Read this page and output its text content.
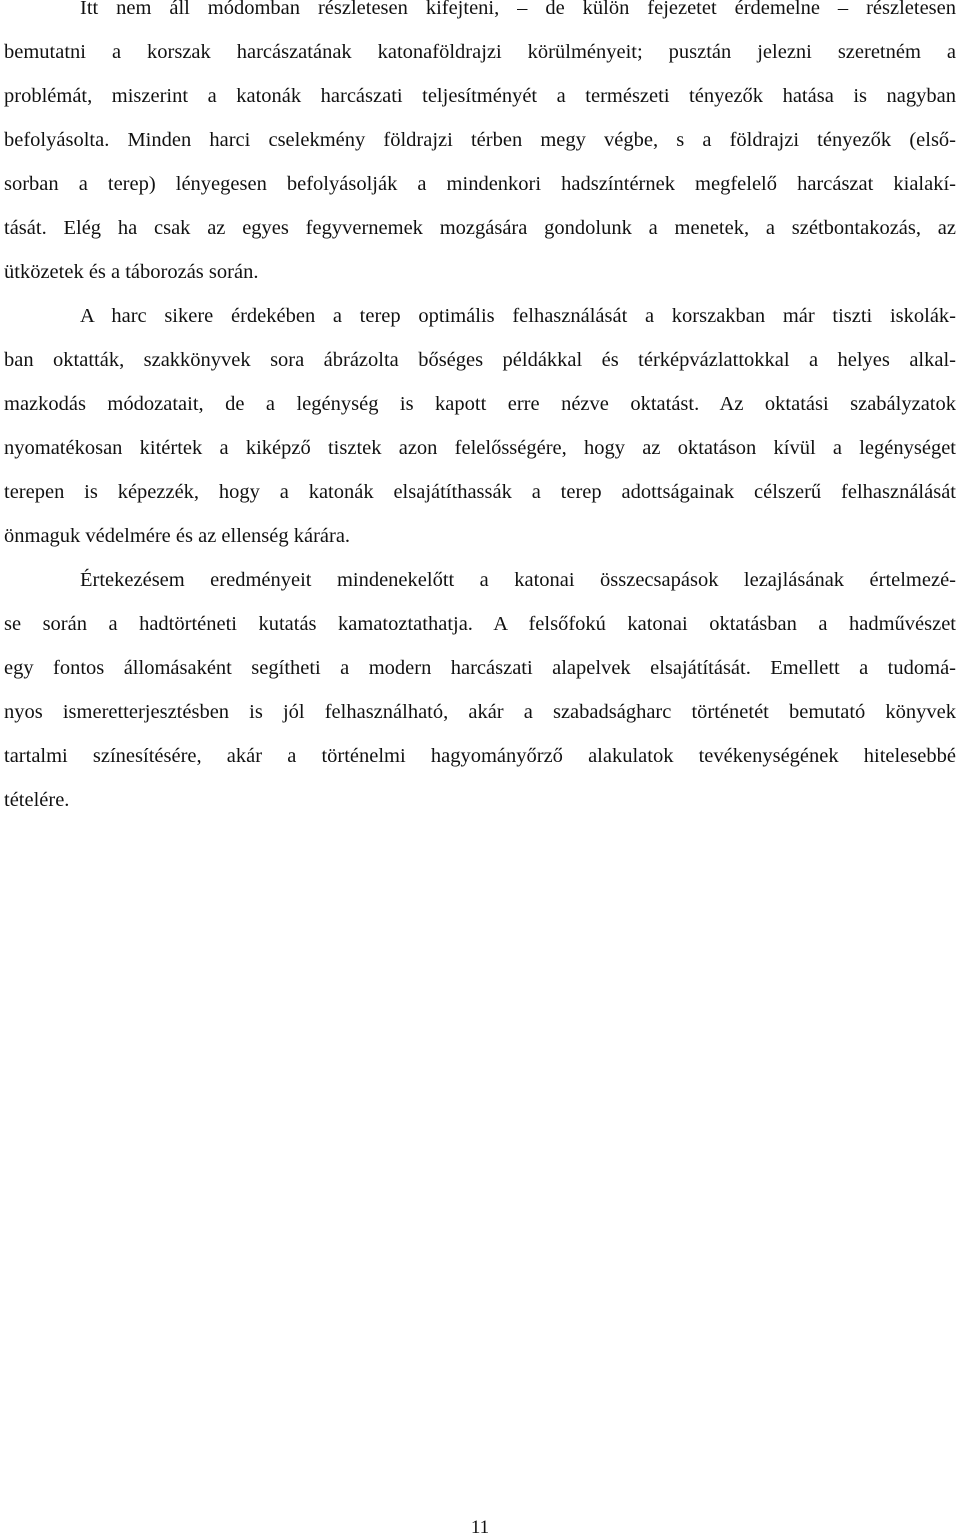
Itt nem áll módomban részletesen kifejteni, – de külön fejezetet érdemelne – részletesen
bemutatni a korszak harcászatának katonaföldrajzi körülményeit; pusztán jelezni szeretném a
problémát, miszerint a katonák harcászati teljesítményét a természeti tényezők hatása is nagyban
befolyásolta. Minden harci cselekmény földrajzi térben megy végbe, s a földrajzi tényezők (első-
sorban a terep) lényegesen befolyásolják a mindenkori hadszíntérnek megfelelő harcászat kialakí-
tását. Elég ha csak az egyes fegyvernemek mozgására gondolunk a menetek, a szétbontakozás, az
ütközetek és a táborozás során.
A harc sikere érdekében a terep optimális felhasználását a korszakban már tiszti iskolák-
ban oktatták, szakkönyvek sora ábrázolta bőséges példákkal és térképvázlattokkal a helyes alkal-
mazkodás módozatait, de a legénység is kapott erre nézve oktatást. Az oktatási szabályzatok
nyomatékosan kitértek a kiképző tisztek azon felelősségére, hogy az oktatáson kívül a legénységet
terepen is képezzék, hogy a katonák elsajátíthassák a terep adottságainak célszerű felhasználását
önmaguk védelmére és az ellenség kárára.
Értekezésem eredményeit mindenekelőtt a katonai összecsapások lezajlásának értelmezé-
se során a hadtörténeti kutatás kamatoztathatja. A felsőfokú katonai oktatásban a hadművészet
egy fontos állomásaként segítheti a modern harcászati alapelvek elsajátítását. Emellett a tudomá-
nyos ismeretterjesztésben is jól felhasználható, akár a szabadságharc történetét bemutató könyvek
tartalmi színesítésére, akár a történelmi hagyományőrző alakulatok tevékenységének hitelesebbé
tételére.
11
